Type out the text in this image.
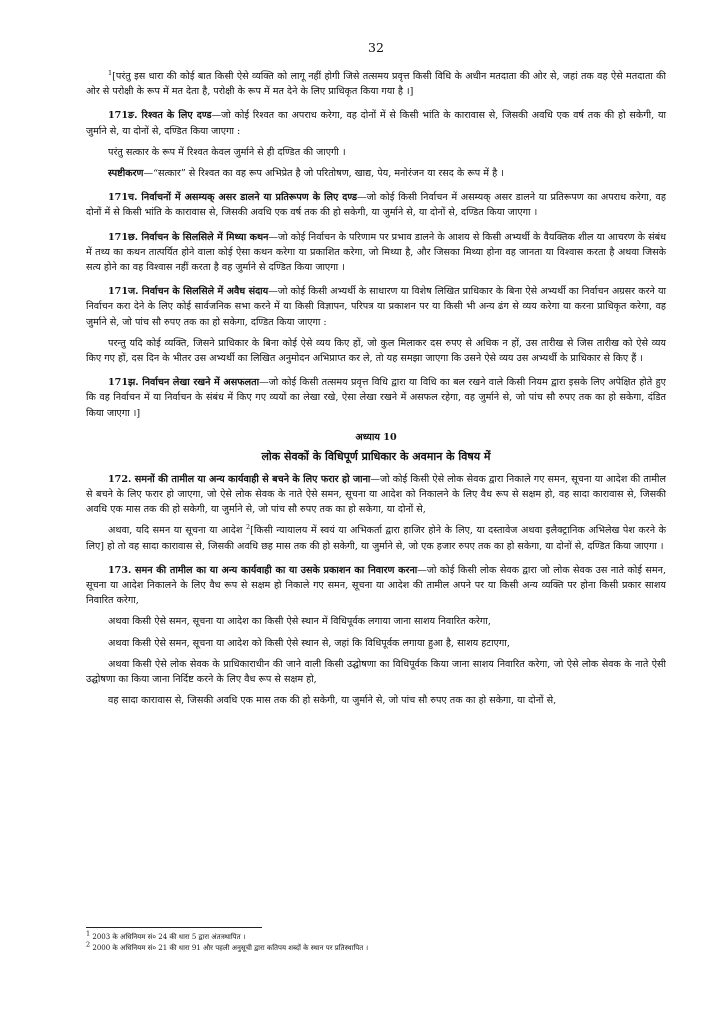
32

$^1$[परंतु इस धारा की कोई बात किसी ऐसे व्यक्ति को लागू नहीं होगी जिसे तत्समय प्रवृत्त किसी विधि के अधीन मतदाता की ओर से, जहां तक वह ऐसे मतदाता की ओर से परोक्षी के रूप में मत देता है, परोक्षी के रूप में मत देने के लिए प्राधिकृत किया गया है ।]

171ङ. रिश्वत के लिए दण्ड—जो कोई रिश्वत का अपराध करेगा, वह दोनों में से किसी भांति के कारावास से, जिसकी अवधि एक वर्ष तक की हो सकेगी, या जुर्माने से, या दोनों से, दण्डित किया जाएगा :

परंतु सत्कार के रूप में रिश्वत केवल जुर्माने से ही दण्डित की जाएगी ।

स्पष्टीकरण—“सत्कार” से रिश्वत का वह रूप अभिप्रेत है जो परितोषण, खाद्य, पेय, मनोरंजन या रसद के रूप में है ।

171च. निर्वाचनों में असम्यक् असर डालने या प्रतिरूपण के लिए दण्ड—जो कोई किसी निर्वाचन में असम्यक् असर डालने या प्रतिरूपण का अपराध करेगा, वह दोनों में से किसी भांति के कारावास से, जिसकी अवधि एक वर्ष तक की हो सकेगी, या जुर्माने से, या दोनों से, दण्डित किया जाएगा ।

171छ. निर्वाचन के सिलसिले में मिथ्या कथन—जो कोई निर्वाचन के परिणाम पर प्रभाव डालने के आशय से किसी अभ्यर्थी के वैयक्तिक शील या आचरण के संबंध में तथ्य का कथन तात्पर्यित होने वाला कोई ऐसा कथन करेगा या प्रकाशित करेगा, जो मिथ्या है, और जिसका मिथ्या होना वह जानता या विश्वास करता है अथवा जिसके सत्य होने का वह विश्वास नहीं करता है वह जुर्माने से दण्डित किया जाएगा ।

171ज. निर्वाचन के सिलसिले में अवैध संदाय—जो कोई किसी अभ्यर्थी के साधारण या विशेष लिखित प्राधिकार के बिना ऐसे अभ्यर्थी का निर्वाचन अग्रसर करने या निर्वाचन करा देने के लिए कोई सार्वजनिक सभा करने में या किसी विज्ञापन, परिपत्र या प्रकाशन पर या किसी भी अन्य ढंग से व्यय करेगा या करना प्राधिकृत करेगा, वह जुर्माने से, जो पांच सौ रुपए तक का हो सकेगा, दण्डित किया जाएगा :

परन्तु यदि कोई व्यक्ति, जिसने प्राधिकार के बिना कोई ऐसे व्यय किए हों, जो कुल मिलाकर दस रुपए से अधिक न हों, उस तारीख से जिस तारीख को ऐसे व्यय किए गए हों, दस दिन के भीतर उस अभ्यर्थी का लिखित अनुमोदन अभिप्राप्त कर ले, तो यह समझा जाएगा कि उसने ऐसे व्यय उस अभ्यर्थी के प्राधिकार से किए हैं ।

171झ. निर्वाचन लेखा रखने में असफलता—जो कोई किसी तत्समय प्रवृत्त विधि द्वारा या विधि का बल रखने वाले किसी नियम द्वारा इसके लिए अपेक्षित होते हुए कि वह निर्वाचन में या निर्वाचन के संबंध में किए गए व्ययों का लेखा रखे, ऐसा लेखा रखने में असफल रहेगा, वह जुर्माने से, जो पांच सौ रुपए तक का हो सकेगा, दंडित किया जाएगा ।]

अध्याय 10
लोक सेवकों के विधिपूर्ण प्राधिकार के अवमान के विषय में

172. समनों की तामील या अन्य कार्यवाही से बचने के लिए फरार हो जाना—जो कोई किसी ऐसे लोक सेवक द्वारा निकाले गए समन, सूचना या आदेश की तामील से बचने के लिए फरार हो जाएगा, जो ऐसे लोक सेवक के नाते ऐसे समन, सूचना या आदेश को निकालने के लिए वैध रूप से सक्षम हो, वह सादा कारावास से, जिसकी अवधि एक मास तक की हो सकेगी, या जुर्माने से, जो पांच सौ रुपए तक का हो सकेगा, या दोनों से,

अथवा, यदि समन या सूचना या आदेश $^2$[किसी न्यायालय में स्वयं या अभिकर्ता द्वारा हाजिर होने के लिए, या दस्तावेज अथवा इलैक्ट्रानिक अभिलेख पेश करने के लिए] हो तो वह सादा कारावास से, जिसकी अवधि छह मास तक की हो सकेगी, या जुर्माने से, जो एक हजार रुपए तक का हो सकेगा, या दोनों से, दण्डित किया जाएगा ।

173. समन की तामील का या अन्य कार्यवाही का या उसके प्रकाशन का निवारण करना—जो कोई किसी लोक सेवक द्वारा जो लोक सेवक उस नाते कोई समन, सूचना या आदेश निकालने के लिए वैध रूप से सक्षम हो निकाले गए समन, सूचना या आदेश की तामील अपने पर या किसी अन्य व्यक्ति पर होना किसी प्रकार साशय निवारित करेगा,

अथवा किसी ऐसे समन, सूचना या आदेश का किसी ऐसे स्थान में विधिपूर्वक लगाया जाना साशय निवारित करेगा,

अथवा किसी ऐसे समन, सूचना या आदेश को किसी ऐसे स्थान से, जहां कि विधिपूर्वक लगाया हुआ है, साशय हटाएगा,

अथवा किसी ऐसे लोक सेवक के प्राधिकाराधीन की जाने वाली किसी उद्घोषणा का विधिपूर्वक किया जाना साशय निवारित करेगा, जो ऐसे लोक सेवक के नाते ऐसी उद्घोषणा का किया जाना निर्दिष्ट करने के लिए वैध रूप से सक्षम हो,

वह सादा कारावास से, जिसकी अवधि एक मास तक की हो सकेगी, या जुर्माने से, जो पांच सौ रुपए तक का हो सकेगा, या दोनों से,

$^1$ 2003 के अधिनियम सं० 24 की धारा 5 द्वारा अंतःस्थापित ।

$^2$ 2000 के अधिनियम सं० 21 की धारा 91 और पहली अनुसूची द्वारा कतिपय शब्दों के स्थान पर प्रतिस्थापित ।
